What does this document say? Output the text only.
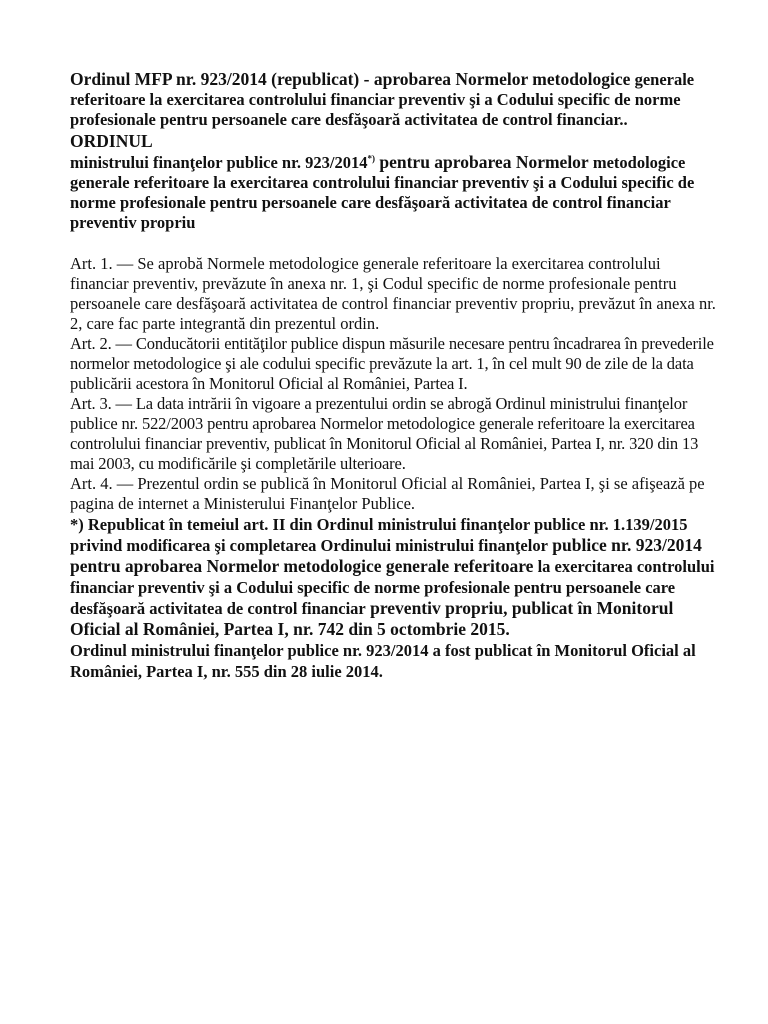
Ordinul MFP nr. 923/2014 (republicat) - aprobarea Normelor metodologice generale referitoare la exercitarea controlului financiar preventiv şi a Codului specific de norme profesionale pentru persoanele care desfăşoară activitatea de control financiar..
ORDINUL
ministrului finanţelor publice nr. 923/2014*) pentru aprobarea Normelor metodologice generale referitoare la exercitarea controlului financiar preventiv şi a Codului specific de norme profesionale pentru persoanele care desfăşoară activitatea de control financiar preventiv propriu
Art. 1. — Se aprobă Normele metodologice generale referitoare la exercitarea controlului financiar preventiv, prevăzute în anexa nr. 1, şi Codul specific de norme profesionale pentru persoanele care desfăşoară activitatea de control financiar preventiv propriu, prevăzut în anexa nr. 2, care fac parte integrantă din prezentul ordin.
Art. 2. — Conducătorii entităţilor publice dispun măsurile necesare pentru încadrarea în prevederile normelor metodologice şi ale codului specific prevăzute la art. 1, în cel mult 90 de zile de la data publicării acestora în Monitorul Oficial al României, Partea I.
Art. 3. — La data intrării în vigoare a prezentului ordin se abrogă Ordinul ministrului finanţelor publice nr. 522/2003 pentru aprobarea Normelor metodologice generale referitoare la exercitarea controlului financiar preventiv, publicat în Monitorul Oficial al României, Partea I, nr. 320 din 13 mai 2003, cu modificările şi completările ulterioare.
Art. 4. — Prezentul ordin se publică în Monitorul Oficial al României, Partea I, şi se afişează pe pagina de internet a Ministerului Finanţelor Publice.
*) Republicat în temeiul art. II din Ordinul ministrului finanţelor publice nr. 1.139/2015 privind modificarea şi completarea Ordinului ministrului finanţelor publice nr. 923/2014 pentru aprobarea Normelor metodologice generale referitoare la exercitarea controlului financiar preventiv şi a Codului specific de norme profesionale pentru persoanele care desfăşoară activitatea de control financiar preventiv propriu, publicat în Monitorul Oficial al României, Partea I, nr. 742 din 5 octombrie 2015.
Ordinul ministrului finanţelor publice nr. 923/2014 a fost publicat în Monitorul Oficial al României, Partea I, nr. 555 din 28 iulie 2014.
